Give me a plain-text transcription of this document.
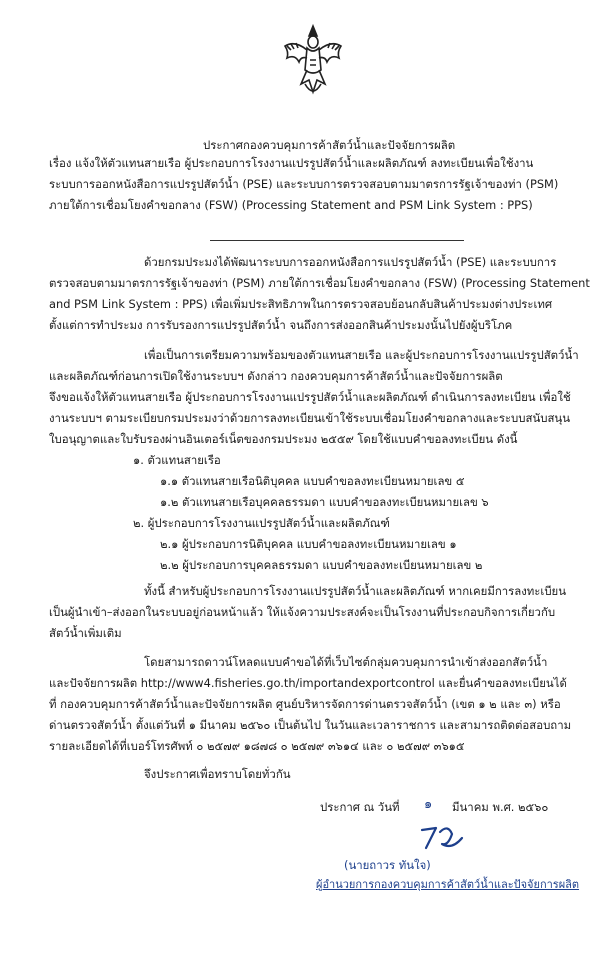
ประกาศกองควบคุมการค้าสัตว์น้ำและปัจจัยการผลิต
เรื่อง แจ้งให้ตัวแทนสายเรือ ผู้ประกอบการโรงงานแปรรูปสัตว์น้ำและผลิตภัณฑ์ ลงทะเบียนเพื่อใช้งาน
ระบบการออกหนังสือการแปรรูปสัตว์น้ำ (PSE) และระบบการตรวจสอบตามมาตรการรัฐเจ้าของท่า (PSM)
ภายใต้การเชื่อมโยงคำขอกลาง (FSW) (Processing Statement and PSM Link System : PPS)
ด้วยกรมประมงได้พัฒนาระบบการออกหนังสือการแปรรูปสัตว์น้ำ (PSE) และระบบการ
ตรวจสอบตามมาตรการรัฐเจ้าของท่า (PSM) ภายใต้การเชื่อมโยงคำขอกลาง (FSW) (Processing Statement
and PSM Link System : PPS) เพื่อเพิ่มประสิทธิภาพในการตรวจสอบย้อนกลับสินค้าประมงต่างประเทศ
ตั้งแต่การทำประมง การรับรองการแปรรูปสัตว์น้ำ จนถึงการส่งออกสินค้าประมงนั้นไปยังผู้บริโภค
เพื่อเป็นการเตรียมความพร้อมของตัวแทนสายเรือ และผู้ประกอบการโรงงานแปรรูปสัตว์น้ำ
และผลิตภัณฑ์ก่อนการเปิดใช้งานระบบฯ ดังกล่าว กองควบคุมการค้าสัตว์น้ำและปัจจัยการผลิต
จึงขอแจ้งให้ตัวแทนสายเรือ ผู้ประกอบการโรงงานแปรรูปสัตว์น้ำและผลิตภัณฑ์ ดำเนินการลงทะเบียน เพื่อใช้
งานระบบฯ ตามระเบียบกรมประมงว่าด้วยการลงทะเบียนเข้าใช้ระบบเชื่อมโยงคำขอกลางและระบบสนับสนุน
ใบอนุญาตและใบรับรองผ่านอินเตอร์เน็ตของกรมประมง ๒๕๕๙ โดยใช้แบบคำขอลงทะเบียน ดังนี้
๑. ตัวแทนสายเรือ
๑.๑ ตัวแทนสายเรือนิติบุคคล แบบคำขอลงทะเบียนหมายเลข ๕
๑.๒ ตัวแทนสายเรือบุคคลธรรมดา แบบคำขอลงทะเบียนหมายเลข ๖
๒. ผู้ประกอบการโรงงานแปรรูปสัตว์น้ำและผลิตภัณฑ์
๒.๑ ผู้ประกอบการนิติบุคคล แบบคำขอลงทะเบียนหมายเลข ๑
๒.๒ ผู้ประกอบการบุคคลธรรมดา แบบคำขอลงทะเบียนหมายเลข ๒
ทั้งนี้ สำหรับผู้ประกอบการโรงงานแปรรูปสัตว์น้ำและผลิตภัณฑ์ หากเคยมีการลงทะเบียน
เป็นผู้นำเข้า–ส่งออกในระบบอยู่ก่อนหน้าแล้ว ให้แจ้งความประสงค์จะเป็นโรงงานที่ประกอบกิจการเกี่ยวกับ
สัตว์น้ำเพิ่มเติม
โดยสามารถดาวน์โหลดแบบคำขอได้ที่เว็บไซต์กลุ่มควบคุมการนำเข้าส่งออกสัตว์น้ำ
และปัจจัยการผลิต http://www4.fisheries.go.th/importandexportcontrol และยื่นคำขอลงทะเบียนได้
ที่ กองควบคุมการค้าสัตว์น้ำและปัจจัยการผลิต ศูนย์บริหารจัดการด่านตรวจสัตว์น้ำ (เขต ๑ ๒ และ ๓) หรือ
ด่านตรวจสัตว์น้ำ ตั้งแต่วันที่ ๑ มีนาคม ๒๕๖๐ เป็นต้นไป ในวันและเวลาราชการ และสามารถติดต่อสอบถาม
รายละเอียดได้ที่เบอร์โทรศัพท์ ๐ ๒๕๗๙ ๑๘๗๘ ๐ ๒๕๗๙ ๓๖๑๔ และ ๐ ๒๕๗๙ ๓๖๑๕
จึงประกาศเพื่อทราบโดยทั่วกัน
ประกาศ ณ วันที่ ๑ มีนาคม พ.ศ. ๒๕๖๐
(นายถาวร ทันใจ)
ผู้อำนวยการกองควบคุมการค้าสัตว์น้ำและปัจจัยการผลิต
